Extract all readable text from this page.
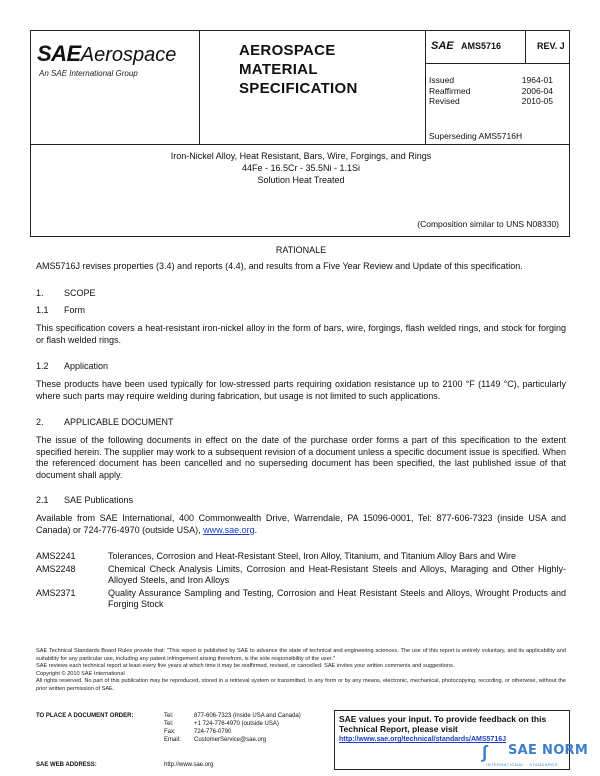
SAEAerospace
An SAE International Group
AEROSPACE
MATERIAL
SPECIFICATION
SAE AMS5716	REV. J
Issued	1964-01
Reaffirmed	2006-04
Revised	2010-05
Superseding AMS5716H
Iron-Nickel Alloy, Heat Resistant, Bars, Wire, Forgings, and Rings
44Fe - 16.5Cr - 35.5Ni - 1.1Si
Solution Heat Treated
(Composition similar to UNS N08330)
RATIONALE
AMS5716J revises properties (3.4) and reports (4.4), and results from a Five Year Review and Update of this specification.
1. SCOPE
1.1 Form
This specification covers a heat-resistant iron-nickel alloy in the form of bars, wire, forgings, flash welded rings, and stock for forging or flash welded rings.
1.2 Application
These products have been used typically for low-stressed parts requiring oxidation resistance up to 2100 °F (1149 °C), particularly where such parts may require welding during fabrication, but usage is not limited to such applications.
2. APPLICABLE DOCUMENT
The issue of the following documents in effect on the date of the purchase order forms a part of this specification to the extent specified herein. The supplier may work to a subsequent revision of a document unless a specific document issue is specified. When the referenced document has been cancelled and no superseding document has been specified, the last published issue of that document shall apply.
2.1 SAE Publications
Available from SAE International, 400 Commonwealth Drive, Warrendale, PA 15096-0001, Tel: 877-606-7323 (inside USA and Canada) or 724-776-4970 (outside USA), www.sae.org.
AMS2241	Tolerances, Corrosion and Heat-Resistant Steel, Iron Alloy, Titanium, and Titanium Alloy Bars and Wire
AMS2248	Chemical Check Analysis Limits, Corrosion and Heat-Resistant Steels and Alloys, Maraging and Other Highly-Alloyed Steels, and Iron Alloys
AMS2371	Quality Assurance Sampling and Testing, Corrosion and Heat Resistant Steels and Alloys, Wrought Products and Forging Stock
SAE Technical Standards Board Rules provide that: "This report is published by SAE to advance the state of technical and engineering sciences. The use of this report is entirely voluntary, and its applicability and suitability for any particular use, including any patent infringement arising therefrom, is the sole responsibility of the user."
SAE reviews each technical report at least every five years at which time it may be reaffirmed, revised, or cancelled. SAE invites your written comments and suggestions.
Copyright © 2010 SAE International
All rights reserved. No part of this publication may be reproduced, stored in a retrieval system or transmitted, in any form or by any means, electronic, mechanical, photocopying, recording, or otherwise, without the prior written permission of SAE.
TO PLACE A DOCUMENT ORDER:	Tel:	877-606-7323 (inside USA and Canada)
Tel:	+1 724-776-4970 (outside USA)
Fax:	724-776-0790
Email: CustomerService@sae.org
SAE WEB ADDRESS:	http://www.sae.org
SAE values your input. To provide feedback on this Technical Report, please visit
http://www.sae.org/technical/standards/AMS5716J
∫ SAE NORM
INTERNATIONAL · STANDARDS
